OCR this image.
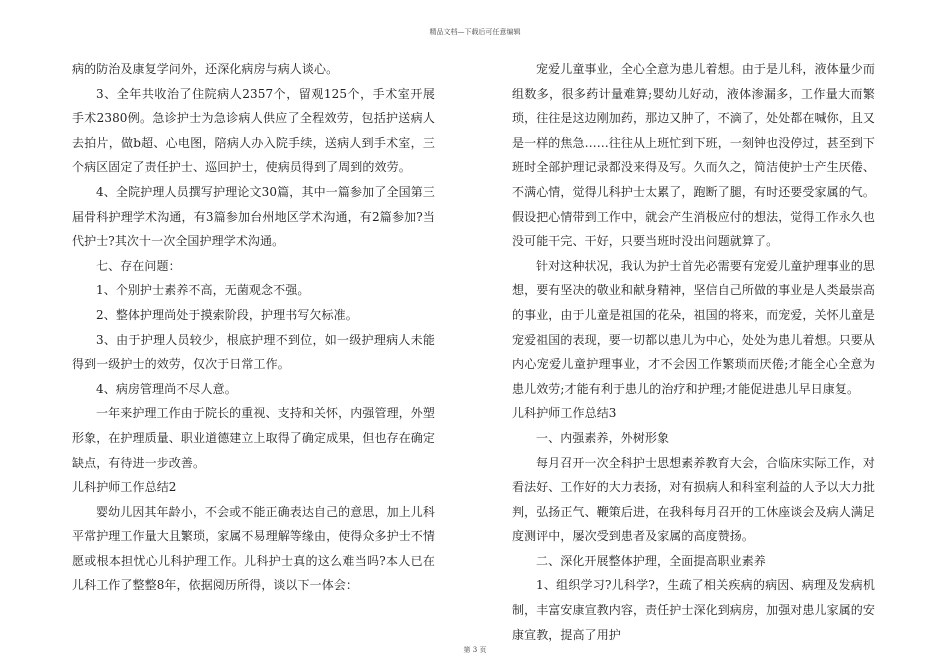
精品文档—下载后可任意编辑

病的防治及康复学问外，还深化病房与病人谈心。

3、全年共收治了住院病人2357个，留观125个，手术室开展手术2380例。急诊护士为急诊病人供应了全程效劳，包括护送病人去拍片，做b超、心电图，陪病人办入院手续，送病人到手术室，三个病区固定了责任护士、巡回护士，使病员得到了周到的效劳。

4、全院护理人员撰写护理论文30篇，其中一篇参加了全国第三届骨科护理学术沟通，有3篇参加台州地区学术沟通，有2篇参加?当代护士?其次十一次全国护理学术沟通。

七、存在问题：

1、个别护士素养不高，无菌观念不强。

2、整体护理尚处于摸索阶段，护理书写欠标准。

3、由于护理人员较少，根底护理不到位，如一级护理病人未能得到一级护士的效劳，仅次于日常工作。

4、病房管理尚不尽人意。

一年来护理工作由于院长的重视、支持和关怀，内强管理，外塑形象，在护理质量、职业道德建立上取得了确定成果，但也存在确定缺点，有待进一步改善。

儿科护师工作总结2

婴幼儿因其年龄小，不会或不能正确表达自己的意思，加上儿科平常护理工作量大且繁琐，家属不易理解等缘由，使得众多护士不情愿或根本担忧心儿科护理工作。儿科护士真的这么难当吗?本人已在儿科工作了整整8年，依据阅历所得，谈以下一体会：

宠爱儿童事业，全心全意为患儿着想。由于是儿科，液体量少而组数多，很多药计量难算;婴幼儿好动，液体渗漏多，工作量大而繁琐，往往是这边刚加药，那边又肿了，不滴了，处处都在喊你，且又是一样的焦急……往往从上班忙到下班，一刻钟也没停过，甚至到下班时全部护理记录都没来得及写。久而久之，简洁使护士产生厌倦、不满心情，觉得儿科护士太累了，跑断了腿，有时还要受家属的气。假设把心情带到工作中，就会产生消极应付的想法，觉得工作永久也没可能干完、干好，只要当班时没出问题就算了。

针对这种状况，我认为护士首先必需要有宠爱儿童护理事业的思想，要有坚决的敬业和献身精神，坚信自己所做的事业是人类最崇高的事业，由于儿童是祖国的花朵，祖国的将来，而宠爱，关怀儿童是宠爱祖国的表现，要一切都以患儿为中心，处处为患儿着想。只要从内心宠爱儿童护理事业，才不会因工作繁琐而厌倦;才能全心全意为患儿效劳;才能有利于患儿的治疗和护理;才能促进患儿早日康复。

儿科护师工作总结3

一、内强素养，外树形象

每月召开一次全科护士思想素养教育大会，合临床实际工作，对看法好、工作好的大力表扬，对有损病人和科室利益的人予以大力批判，弘扬正气、鞭策后进，在我科每月召开的工休座谈会及病人满足度测评中，屡次受到患者及家属的高度赞扬。

二、深化开展整体护理，全面提高职业素养

1、组织学习?儿科学?，生疏了相关疾病的病因、病理及发病机制，丰富安康宣教内容，责任护士深化到病房，加强对患儿家属的安康宣教，提高了用护

第 3 页
